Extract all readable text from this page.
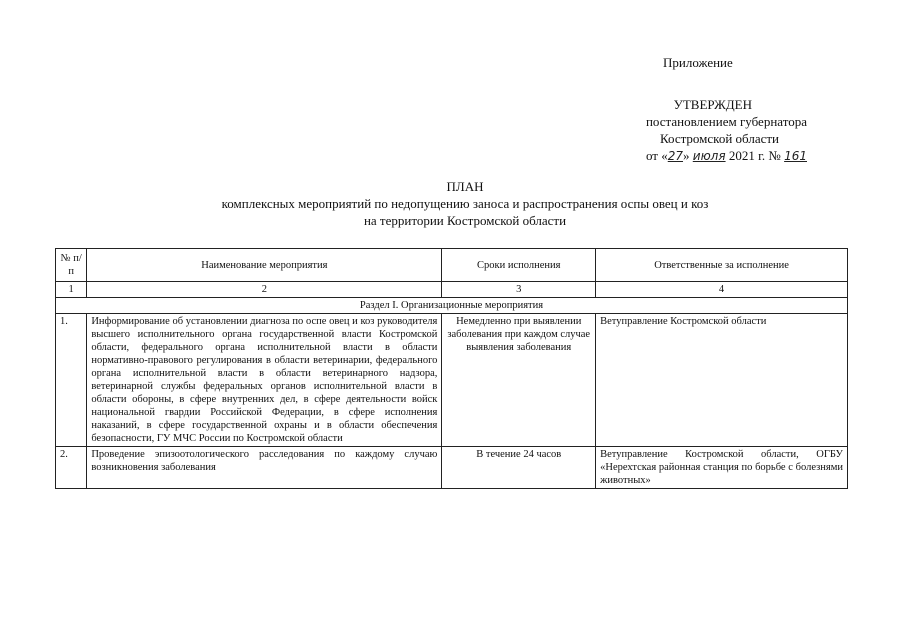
Приложение
УТВЕРЖДЕН
постановлением губернатора
Костромской области
от «27» июля 2021 г. № 161
ПЛАН
комплексных мероприятий по недопущению заноса и распространения оспы овец и коз
на территории Костромской области
№ п/п	Наименование мероприятия	Сроки исполнения	Ответственные за исполнение
1	2	3	4
Раздел I. Организационные мероприятия			
1.	Информирование об установлении диагноза по оспе овец и коз руководителя высшего исполнительного органа государственной власти Костромской области, федерального органа исполнительной власти в области нормативно-правового регулирования в области ветеринарии, федерального органа исполнительной власти в области ветеринарного надзора, ветеринарной службы федеральных органов исполнительной власти в области обороны, в сфере внутренних дел, в сфере деятельности войск национальной гвардии Российской Федерации, в сфере исполнения наказаний, в сфере государственной охраны и в области обеспечения безопасности, ГУ МЧС России по Костромской области	Немедленно при выявлении заболевания при каждом случае выявления заболевания	Ветуправление Костромской области
2.	Проведение эпизоотологического расследования по каждому случаю возникновения заболевания	В течение 24 часов	Ветуправление Костромской области, ОГБУ «Нерехтская районная станция по борьбе с болезнями животных»
